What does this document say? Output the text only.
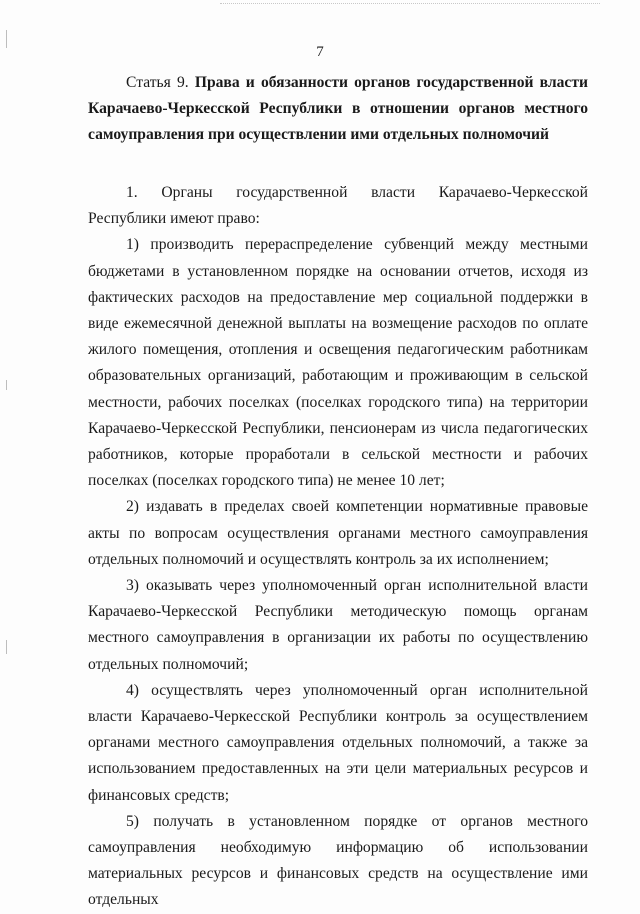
7

Статья 9. Права и обязанности органов государственной власти Карачаево-Черкесской Республики в отношении органов местного самоуправления при осуществлении ими отдельных полномочий

1. Органы государственной власти Карачаево-Черкесской Республики имеют право:

1) производить перераспределение субвенций между местными бюджетами в установленном порядке на основании отчетов, исходя из фактических расходов на предоставление мер социальной поддержки в виде ежемесячной денежной выплаты на возмещение расходов по оплате жилого помещения, отопления и освещения педагогическим работникам образовательных организаций, работающим и проживающим в сельской местности, рабочих поселках (поселках городского типа) на территории Карачаево-Черкесской Республики, пенсионерам из числа педагогических работников, которые проработали в сельской местности и рабочих поселках (поселках городского типа) не менее 10 лет;

2) издавать в пределах своей компетенции нормативные правовые акты по вопросам осуществления органами местного самоуправления отдельных полномочий и осуществлять контроль за их исполнением;

3) оказывать через уполномоченный орган исполнительной власти Карачаево-Черкесской Республики методическую помощь органам местного самоуправления в организации их работы по осуществлению отдельных полномочий;

4) осуществлять через уполномоченный орган исполнительной власти Карачаево-Черкесской Республики контроль за осуществлением органами местного самоуправления отдельных полномочий, а также за использованием предоставленных на эти цели материальных ресурсов и финансовых средств;

5) получать в установленном порядке от органов местного самоуправления необходимую информацию об использовании материальных ресурсов и финансовых средств на осуществление ими отдельных
